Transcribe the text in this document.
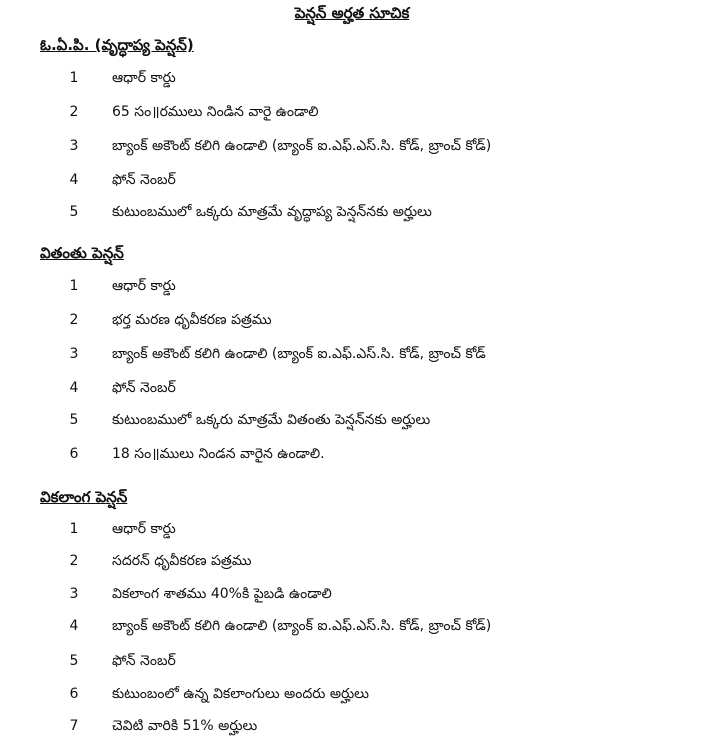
పెన్షన్ అర్హత సూచిక
ఓ.ఏ.పి. (వృద్ధాప్య పెన్షన్)
1	ఆధార్ కార్డు
2	65 సం॥రములు నిండిన వారై ఉండాలి
3	బ్యాంక్ అకౌంట్ కలిగి ఉండాలి (బ్యాంక్ ఐ.ఎఫ్.ఎస్.సి. కోడ్, బ్రాంచ్ కోడ్)
4	ఫోన్ నెంబర్
5	కుటుంబములో ఒక్కరు మాత్రమే వృద్ధాప్య పెన్షన్‌నకు అర్హులు
వితంతు పెన్షన్
1	ఆధార్ కార్డు
2	భర్త మరణ ధృవీకరణ పత్రము
3	బ్యాంక్ అకౌంట్ కలిగి ఉండాలి (బ్యాంక్ ఐ.ఎఫ్.ఎస్.సి. కోడ్, బ్రాంచ్ కోడ్
4	ఫోన్ నెంబర్
5	కుటుంబములో ఒక్కరు మాత్రమే వితంతు పెన్షన్‌నకు అర్హులు
6	18 సం॥ములు నిండన వారైన ఉండాలి.
వికలాంగ పెన్షన్
1	ఆధార్ కార్డు
2	సదరన్ ధృవీకరణ పత్రము
3	వికలాంగ శాతము 40%కి పైబడి ఉండాలి
4	బ్యాంక్ అకౌంట్ కలిగి ఉండాలి (బ్యాంక్ ఐ.ఎఫ్.ఎస్.సి. కోడ్, బ్రాంచ్ కోడ్)
5	ఫోన్ నెంబర్
6	కుటుంబంలో ఉన్న వికలాంగులు అందరు అర్హులు
7	చెవిటి వారికి 51% అర్హులు
